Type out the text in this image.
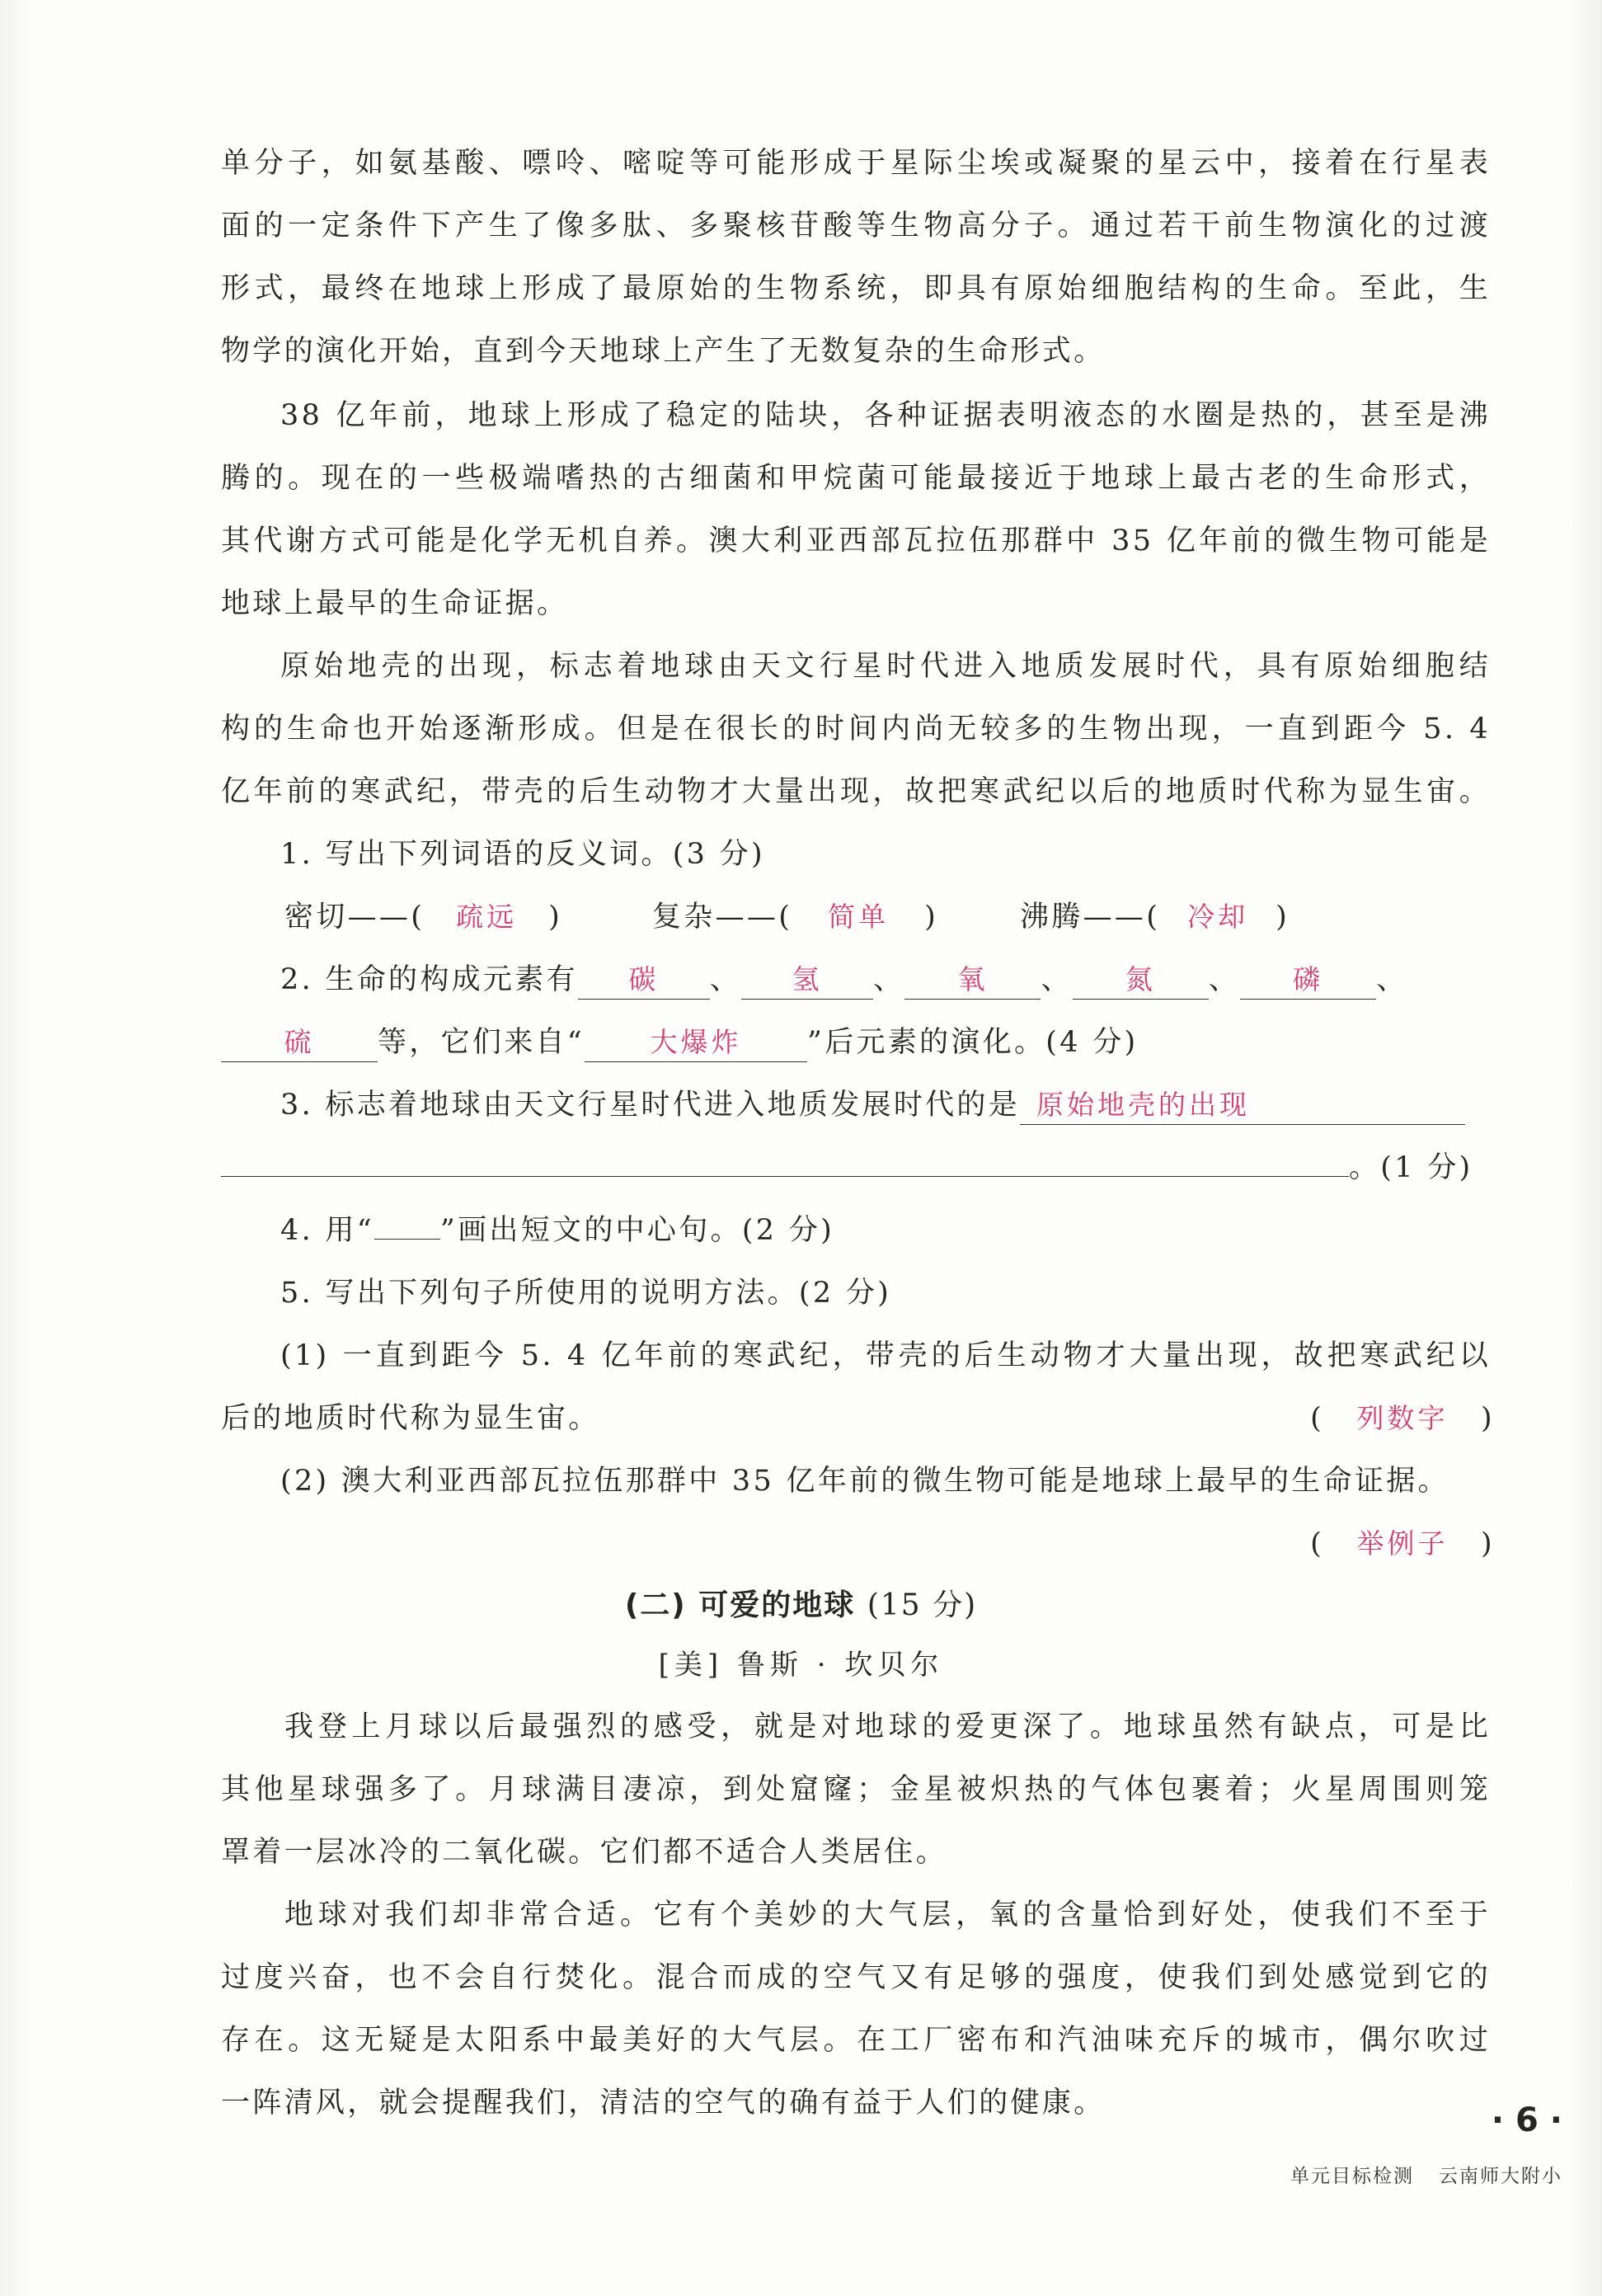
单分子，如氨基酸、嘌呤、嘧啶等可能形成于星际尘埃或凝聚的星云中，接着在行星表
面的一定条件下产生了像多肽、多聚核苷酸等生物高分子。通过若干前生物演化的过渡
形式，最终在地球上形成了最原始的生物系统，即具有原始细胞结构的生命。至此，生
物学的演化开始，直到今天地球上产生了无数复杂的生命形式。
38 亿年前，地球上形成了稳定的陆块，各种证据表明液态的水圈是热的，甚至是沸
腾的。现在的一些极端嗜热的古细菌和甲烷菌可能最接近于地球上最古老的生命形式，
其代谢方式可能是化学无机自养。澳大利亚西部瓦拉伍那群中 35 亿年前的微生物可能是
地球上最早的生命证据。
原始地壳的出现，标志着地球由天文行星时代进入地质发展时代，具有原始细胞结
构的生命也开始逐渐形成。但是在很长的时间内尚无较多的生物出现，一直到距今 5. 4
亿年前的寒武纪，带壳的后生动物才大量出现，故把寒武纪以后的地质时代称为显生宙。
1. 写出下列词语的反义词。(3 分)
密切——( 疏远 )	复杂——( 简单 )	沸腾——( 冷却 )
2. 生命的构成元素有 碳 、 氢 、 氧 、 氮 、 磷 、
硫 等，它们来自“ 大爆炸 ”后元素的演化。(4 分)
3. 标志着地球由天文行星时代进入地质发展时代的是 原始地壳的出现
。(1 分)
4. 用“ ”画出短文的中心句。(2 分)
5. 写出下列句子所使用的说明方法。(2 分)
(1) 一直到距今 5. 4 亿年前的寒武纪，带壳的后生动物才大量出现，故把寒武纪以
后的地质时代称为显生宙。	( 列数字 )
(2) 澳大利亚西部瓦拉伍那群中 35 亿年前的微生物可能是地球上最早的生命证据。
( 举例子 )
(二) 可爱的地球 (15 分)
[美] 鲁斯 · 坎贝尔
我登上月球以后最强烈的感受，就是对地球的爱更深了。地球虽然有缺点，可是比
其他星球强多了。月球满目凄凉，到处窟窿；金星被炽热的气体包裹着；火星周围则笼
罩着一层冰冷的二氧化碳。它们都不适合人类居住。
地球对我们却非常合适。它有个美妙的大气层，氧的含量恰到好处，使我们不至于
过度兴奋，也不会自行焚化。混合而成的空气又有足够的强度，使我们到处感觉到它的
存在。这无疑是太阳系中最美好的大气层。在工厂密布和汽油味充斥的城市，偶尔吹过
一阵清风，就会提醒我们，清洁的空气的确有益于人们的健康。	· 6 ·
单元目标检测 云南师大附小
